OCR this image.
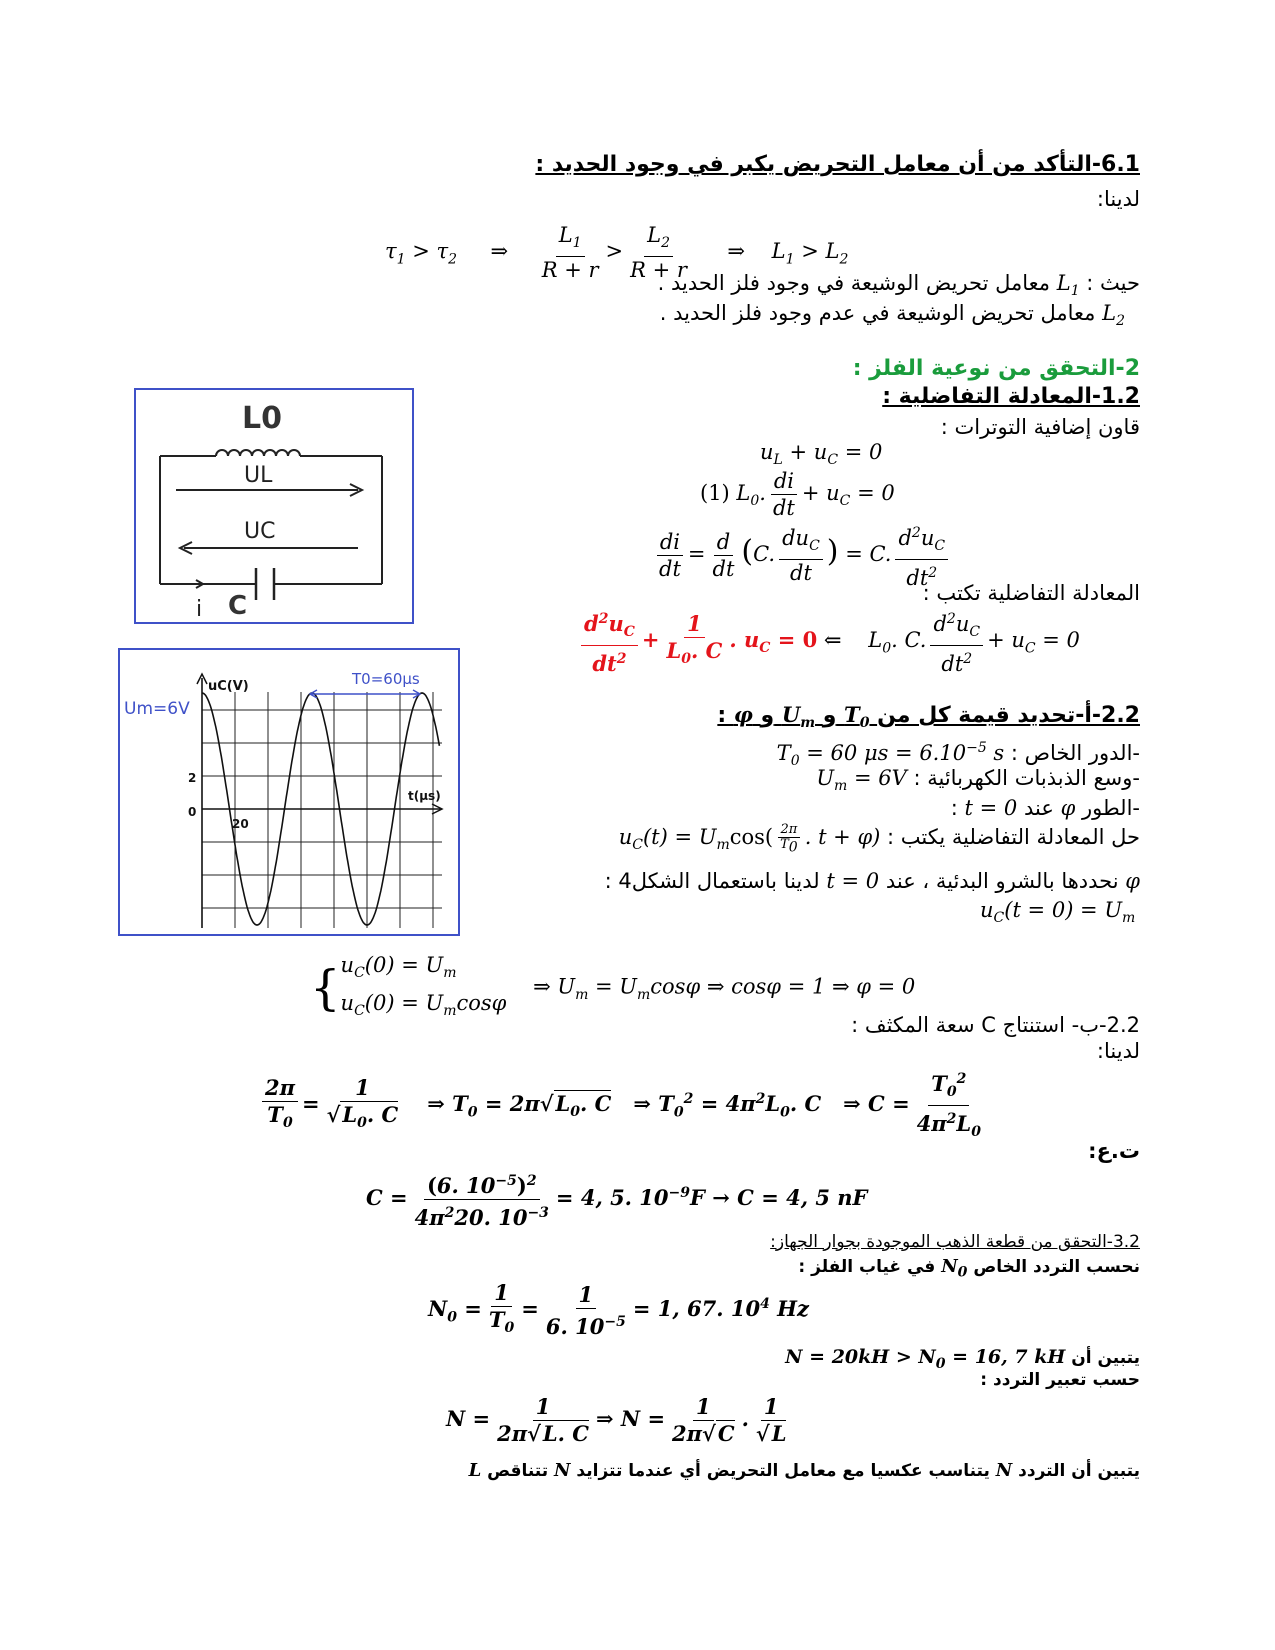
6.1-التأكد من أن معامل التحريض يكبر في وجود الحديد :
لدينا:
$\tau_1 > \tau_2$ ⇒ $\frac{L_1}{R + r} > \frac{L_2}{R + r}$ ⇒    $L_1 > L_2$
حيث : $L_1$ معامل تحريض الوشيعة في وجود فلز الحديد .
$L_2$ معامل تحريض الوشيعة في عدم وجود فلز الحديد .
2-التحقق من نوعية الفلز :
1.2-المعادلة التفاضلية :
قاون إضافية التوترات :
$u_L + u_C = 0$
(1) $L_0$. $\frac{di}{dt} + u_C = 0$
$\frac{di}{dt} = \frac{d}{dt} (C$. $\frac{du_C}{dt}$ ) = C. $\frac{d^2u_C}{dt^2}$
المعادلة التفاضلية تكتب :
$\frac{d^2u_C}{dt^2} + \frac{1}{L_0. C}$ . $u_C = 0$ ⇐    $L_0$. C. $\frac{d^2u_C}{dt^2} + u_C = 0$
L0
UL
UC
i C
Um=6V
uC(V)
t(µs)
T0=60µs
2
0
20
2.2-أ-تحديد قيمة كل من $T_0$ و $U_m$ و φ :
-الدور الخاص : $T_0 = 60$ $\mu s = 6.10^{-5}$ s
-وسع الذبذبات الكهربائية : $U_m = 6V$
-الطور φ عند t = 0 :
حل المعادلة التفاضلية يكتب : $u_C(t) = U_m\cos( \frac{2\pi}{T_0}$ . t + φ)
φ نحددها بالشرو البدئية ، عند t = 0 لدينا باستعمال الشكل4 :
$u_C(t = 0) = U_m$
{ $u_C(0) = U_m$
$u_C(0) = U_m\cos\varphi$
⇒ $U_m = U_m\cos\varphi$ ⇒ cosφ = 1 ⇒ φ = 0
2.2-ب- استنتاج C سعة المكثف :
لدينا:
$\frac{2\pi}{T_0} = \frac{1}{√L_0. C}$ ⇒ $T_0 = 2\pi√L_0$. C ⇒ $T_0^2 = 4\pi^2L_0$. C   ⇒ $C = \frac{T_0^2}{4\pi^2L_0}$
ت.ع:
$C = \frac{(6. 10^{-5})^2}{4\pi^220. 10^{-3}} = 4$, 5. $10^{-9}F \to C = 4$, 5 nF
3.2-التحقق من قطعة الذهب الموجودة بجوار الجهاز:
نحسب التردد الخاص $N_0$ في غياب الفلز :
$N_0 = \frac{1}{T_0} = \frac{1}{6. 10^{-5}} = 1$, 67. $10^4$ Hz
يتبين أن $N = 20kH > N_0 = 16$, 7 kH
حسب تعبير التردد :
$N = \frac{1}{2\pi√L. C}$ ⇒ $N = \frac{1}{2\pi√C}$ . $\frac{1}{√L}$
يتبين أن التردد N يتناسب عكسيا مع معامل التحريض أي عندما تتزايد N تتناقص L
